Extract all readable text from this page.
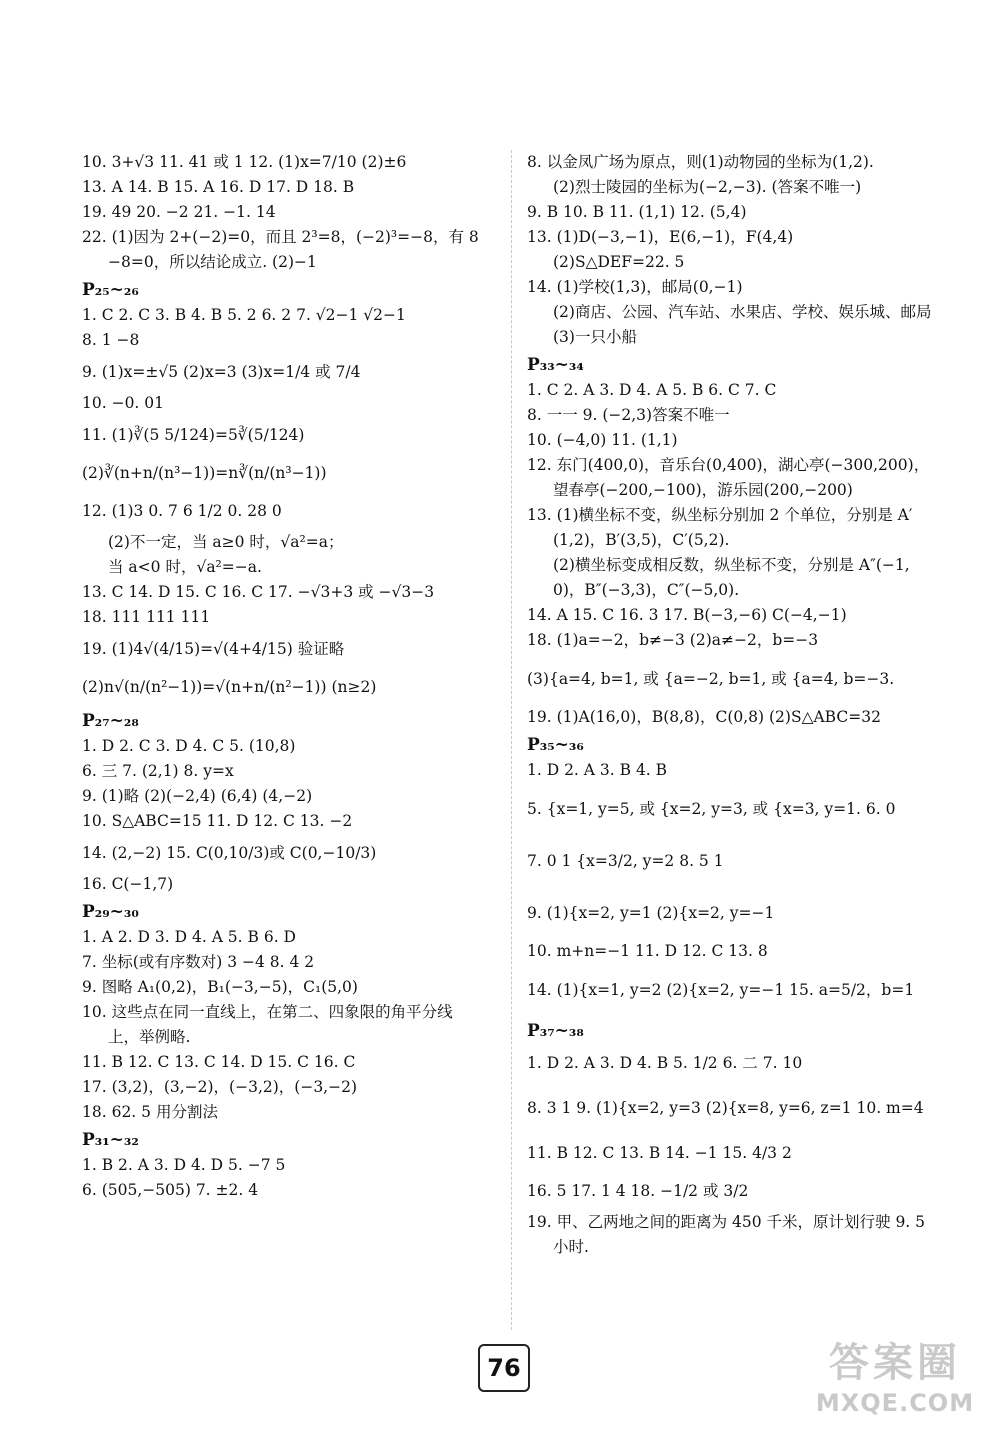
10. 3+√3 11. 41 或 1 12. (1)x=7/10 (2)±6
13. A 14. B 15. A 16. D 17. D 18. B
19. 49 20. −2 21. −1. 14
22. (1)因为 2+(−2)=0，而且 2³=8，(−2)³=−8，有 8
−8=0，所以结论成立. (2)−1
P₂₅~₂₆
1. C 2. C 3. B 4. B 5. 2 6. 2 7. √2−1 √2−1
8. 1 −8
9. (1)x=±√5 (2)x=3 (3)x=1/4 或 7/4
10. −0. 01
11. (1)∛(5 5/124)=5∛(5/124)
(2)∛(n+n/(n³−1))=n∛(n/(n³−1))
12. (1)3 0. 7 6 1/2 0. 28 0
(2)不一定，当 a≥0 时，√a²=a；
当 a<0 时，√a²=−a.
13. C 14. D 15. C 16. C 17. −√3+3 或 −√3−3
18. 111 111 111
19. (1)4√(4/15)=√(4+4/15) 验证略
(2)n√(n/(n²−1))=√(n+n/(n²−1)) (n≥2)
P₂₇~₂₈
1. D 2. C 3. D 4. C 5. (10,8)
6. 三 7. (2,1) 8. y=x
9. (1)略 (2)(−2,4) (6,4) (4,−2)
10. S△ABC=15 11. D 12. C 13. −2
14. (2,−2) 15. C(0,10/3)或 C(0,−10/3)
16. C(−1,7)
P₂₉~₃₀
1. A 2. D 3. D 4. A 5. B 6. D
7. 坐标(或有序数对) 3 −4 8. 4 2
9. 图略 A₁(0,2)，B₁(−3,−5)，C₁(5,0)
10. 这些点在同一直线上，在第二、四象限的角平分线
上，举例略.
11. B 12. C 13. C 14. D 15. C 16. C
17. (3,2)，(3,−2)，(−3,2)，(−3,−2)
18. 62. 5 用分割法
P₃₁~₃₂
1. B 2. A 3. D 4. D 5. −7 5
6. (505,−505) 7. ±2. 4
8. 以金凤广场为原点，则(1)动物园的坐标为(1,2).
(2)烈士陵园的坐标为(−2,−3). (答案不唯一)
9. B 10. B 11. (1,1) 12. (5,4)
13. (1)D(−3,−1)，E(6,−1)，F(4,4)
(2)S△DEF=22. 5
14. (1)学校(1,3)，邮局(0,−1)
(2)商店、公园、汽车站、水果店、学校、娱乐城、邮局
(3)一只小船
P₃₃~₃₄
1. C 2. A 3. D 4. A 5. B 6. C 7. C
8. 一一 9. (−2,3)答案不唯一
10. (−4,0) 11. (1,1)
12. 东门(400,0)，音乐台(0,400)，湖心亭(−300,200)，
望春亭(−200,−100)，游乐园(200,−200)
13. (1)横坐标不变，纵坐标分别加 2 个单位，分别是 A′
(1,2)，B′(3,5)，C′(5,2).
(2)横坐标变成相反数，纵坐标不变，分别是 A″(−1,
0)，B″(−3,3)，C″(−5,0).
14. A 15. C 16. 3 17. B(−3,−6) C(−4,−1)
18. (1)a=−2，b≠−3 (2)a≠−2，b=−3
(3){a=4, b=1, 或 {a=−2, b=1, 或 {a=4, b=−3.
19. (1)A(16,0)，B(8,8)，C(0,8) (2)S△ABC=32
P₃₅~₃₆
1. D 2. A 3. B 4. B
5. {x=1, y=5, 或 {x=2, y=3, 或 {x=3, y=1. 6. 0
7. 0 1 {x=3/2, y=2 8. 5 1
9. (1){x=2, y=1 (2){x=2, y=−1
10. m+n=−1 11. D 12. C 13. 8
14. (1){x=1, y=2 (2){x=2, y=−1 15. a=5/2，b=1
P₃₇~₃₈
1. D 2. A 3. D 4. B 5. 1/2 6. 二 7. 10
8. 3 1 9. (1){x=2, y=3 (2){x=8, y=6, z=1 10. m=4
11. B 12. C 13. B 14. −1 15. 4/3 2
16. 5 17. 1 4 18. −1/2 或 3/2
19. 甲、乙两地之间的距离为 450 千米，原计划行驶 9. 5
小时.
76	答案圈
MXQE.COM
